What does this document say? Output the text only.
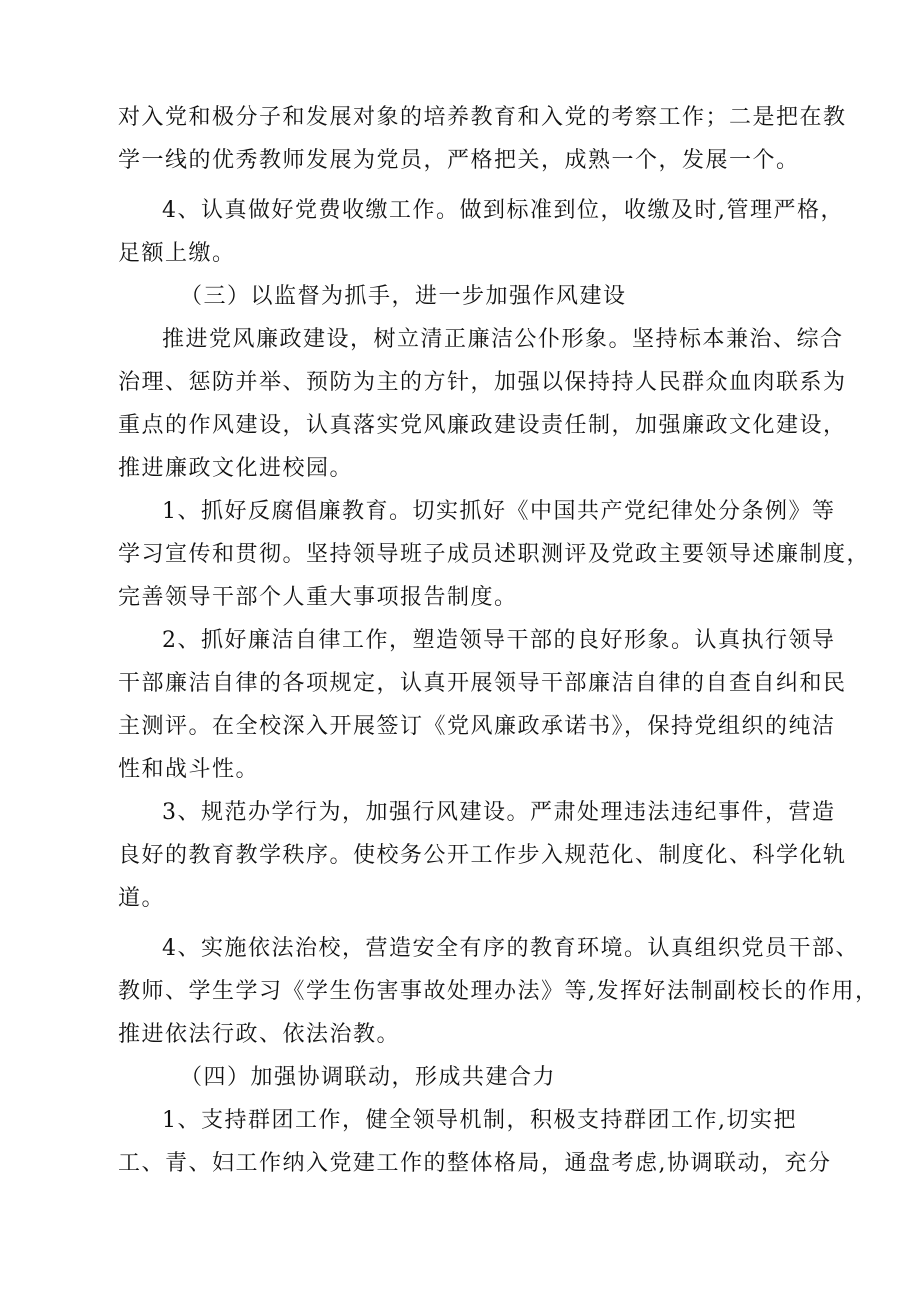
对入党和极分子和发展对象的培养教育和入党的考察工作；二是把在教
学一线的优秀教师发展为党员，严格把关，成熟一个，发展一个。
4、认真做好党费收缴工作。做到标准到位，收缴及时,管理严格，
足额上缴。
（三）以监督为抓手，进一步加强作风建设
推进党风廉政建设，树立清正廉洁公仆形象。坚持标本兼治、综合
治理、惩防并举、预防为主的方针，加强以保持持人民群众血肉联系为
重点的作风建设，认真落实党风廉政建设责任制，加强廉政文化建设，
推进廉政文化进校园。
1、抓好反腐倡廉教育。切实抓好《中国共产党纪律处分条例》等
学习宣传和贯彻。坚持领导班子成员述职测评及党政主要领导述廉制度，
完善领导干部个人重大事项报告制度。
2、抓好廉洁自律工作，塑造领导干部的良好形象。认真执行领导
干部廉洁自律的各项规定，认真开展领导干部廉洁自律的自查自纠和民
主测评。在全校深入开展签订《党风廉政承诺书》，保持党组织的纯洁
性和战斗性。
3、规范办学行为，加强行风建设。严肃处理违法违纪事件，营造
良好的教育教学秩序。使校务公开工作步入规范化、制度化、科学化轨
道。
4、实施依法治校，营造安全有序的教育环境。认真组织党员干部、
教师、学生学习《学生伤害事故处理办法》等,发挥好法制副校长的作用，
推进依法行政、依法治教。
（四）加强协调联动，形成共建合力
1、支持群团工作，健全领导机制，积极支持群团工作,切实把
工、青、妇工作纳入党建工作的整体格局，通盘考虑,协调联动，充分
